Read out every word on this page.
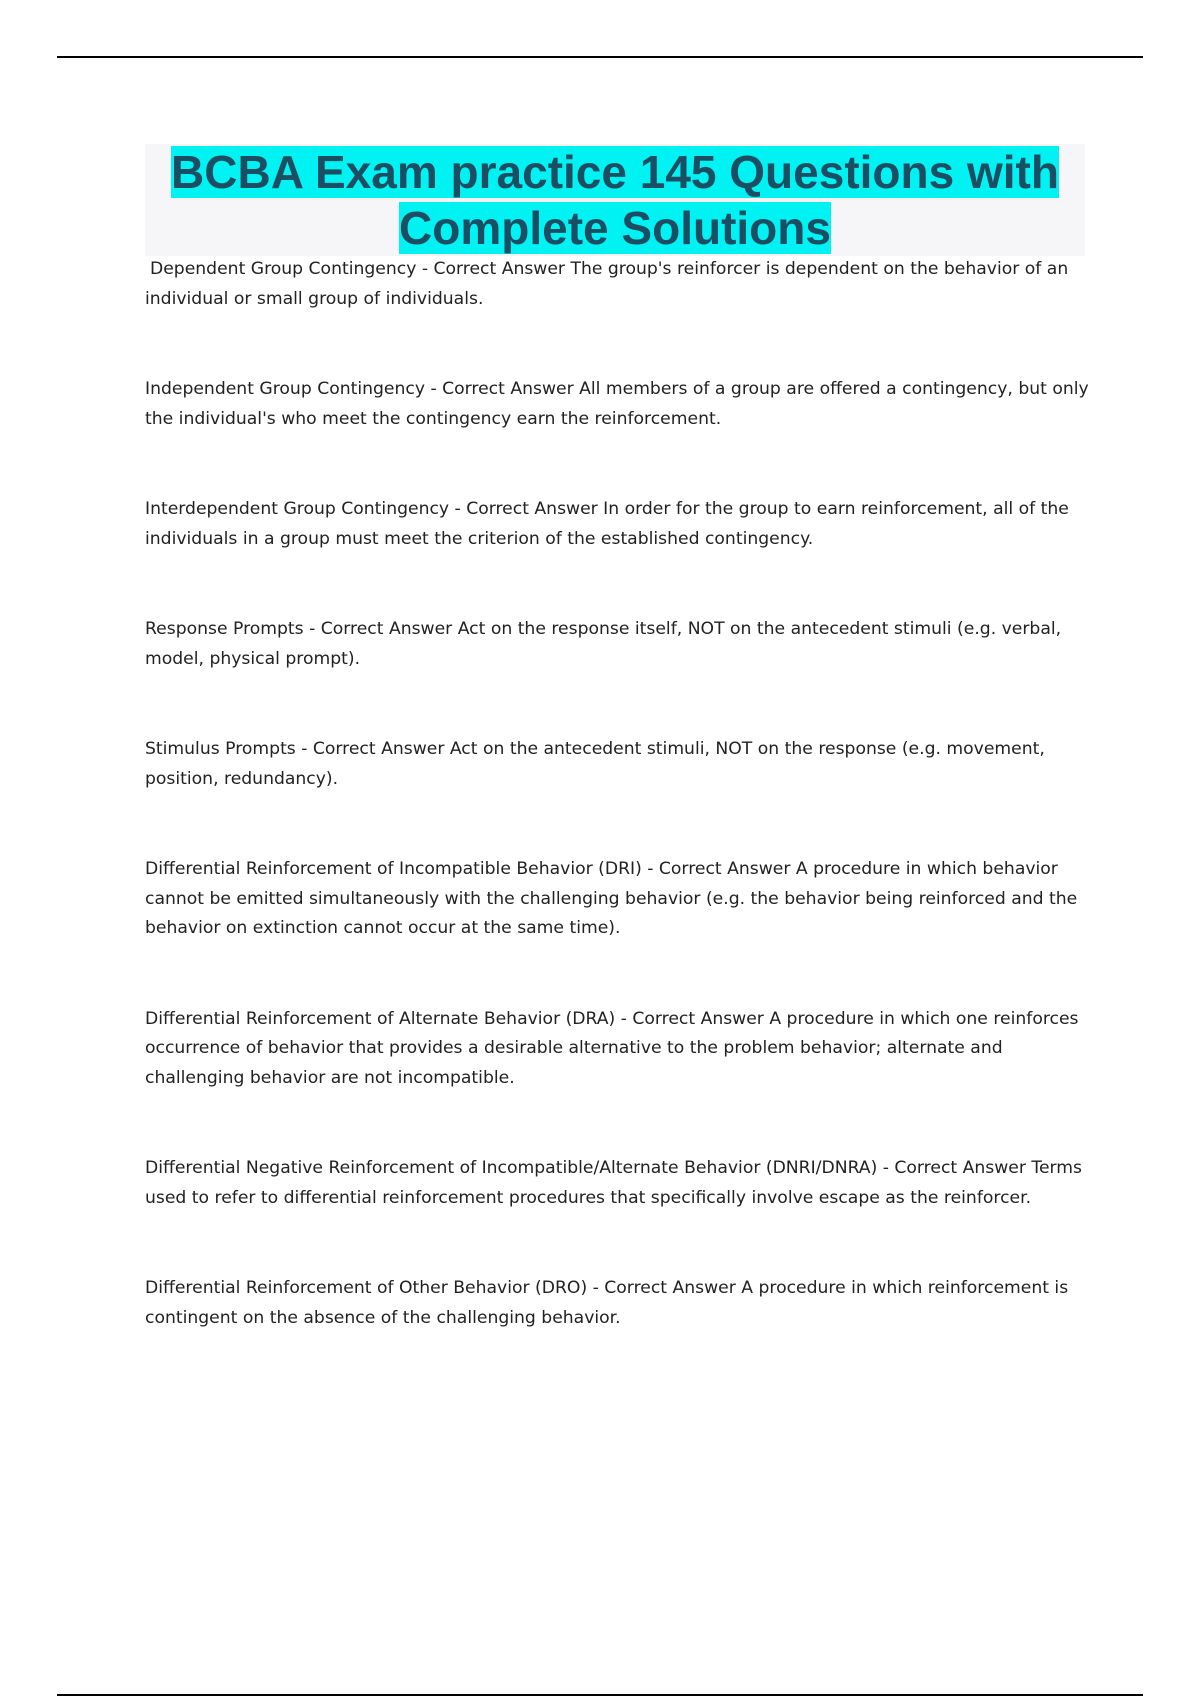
BCBA Exam practice 145 Questions with Complete Solutions

Dependent Group Contingency - Correct Answer The group's reinforcer is dependent on the behavior of an individual or small group of individuals.

Independent Group Contingency - Correct Answer All members of a group are offered a contingency, but only the individual's who meet the contingency earn the reinforcement.

Interdependent Group Contingency - Correct Answer In order for the group to earn reinforcement, all of the individuals in a group must meet the criterion of the established contingency.

Response Prompts - Correct Answer Act on the response itself, NOT on the antecedent stimuli (e.g. verbal, model, physical prompt).

Stimulus Prompts - Correct Answer Act on the antecedent stimuli, NOT on the response (e.g. movement, position, redundancy).

Differential Reinforcement of Incompatible Behavior (DRI) - Correct Answer A procedure in which behavior cannot be emitted simultaneously with the challenging behavior (e.g. the behavior being reinforced and the behavior on extinction cannot occur at the same time).

Differential Reinforcement of Alternate Behavior (DRA) - Correct Answer A procedure in which one reinforces occurrence of behavior that provides a desirable alternative to the problem behavior; alternate and challenging behavior are not incompatible.

Differential Negative Reinforcement of Incompatible/Alternate Behavior (DNRI/DNRA) - Correct Answer Terms used to refer to differential reinforcement procedures that specifically involve escape as the reinforcer.

Differential Reinforcement of Other Behavior (DRO) - Correct Answer A procedure in which reinforcement is contingent on the absence of the challenging behavior.
